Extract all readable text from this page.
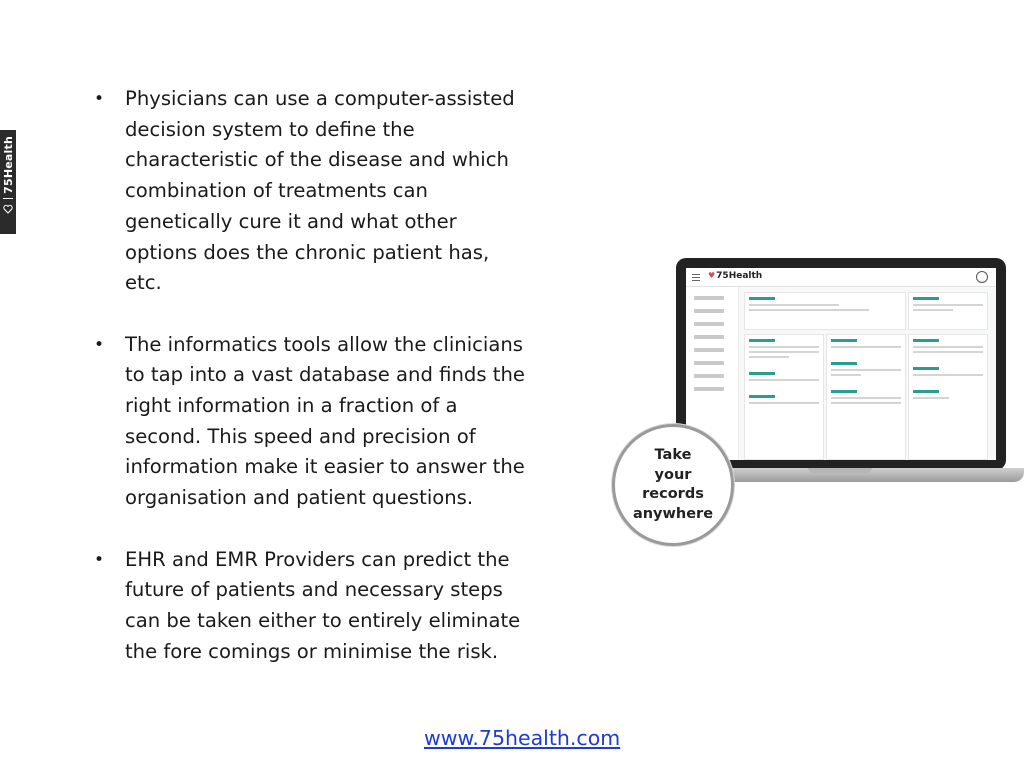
75Health
• Physicians can use a computer-assisted
decision system to define the
characteristic of the disease and which
combination of treatments can
genetically cure it and what other
options does the chronic patient has,
etc.
• The informatics tools allow the clinicians
to tap into a vast database and finds the
right information in a fraction of a
second. This speed and precision of
information make it easier to answer the
organisation and patient questions.
• EHR and EMR Providers can predict the
future of patients and necessary steps
can be taken either to entirely eliminate
the fore comings or minimise the risk.
♥75Health
Take
your
records
anywhere
www.75health.com
